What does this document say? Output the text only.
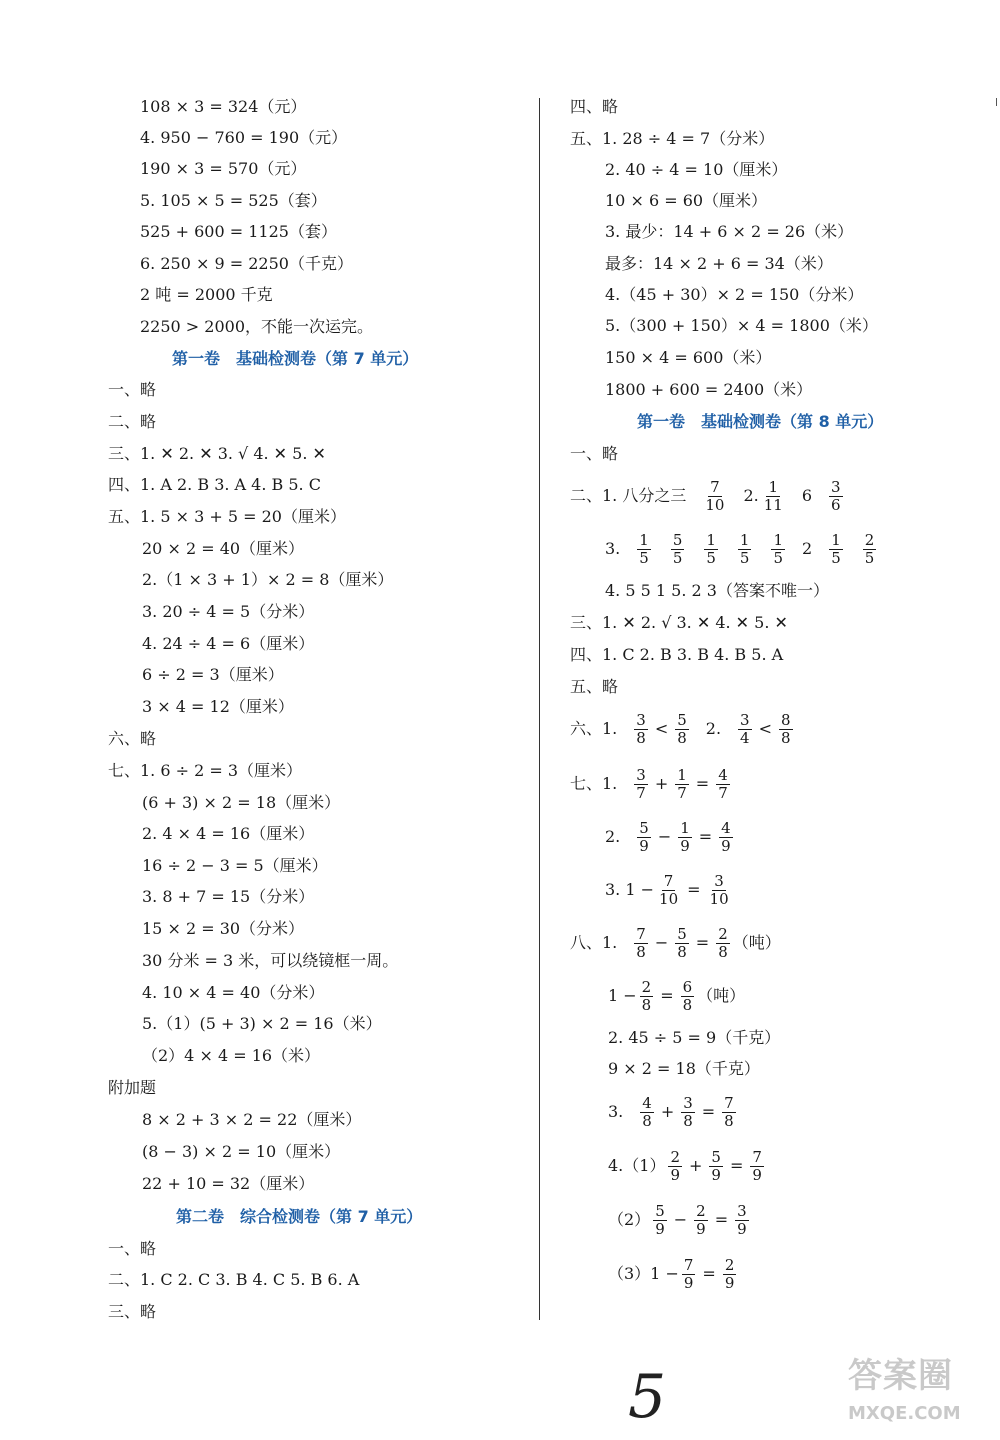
108 × 3 = 324（元）
4. 950 − 760 = 190（元）
190 × 3 = 570（元）
5. 105 × 5 = 525（套）
525 + 600 = 1125（套）
6. 250 × 9 = 2250（千克）
2 吨 = 2000 千克
2250 > 2000，不能一次运完。
第一卷　基础检测卷（第 7 单元）
一、略
二、略
三、1. ✕ 2. ✕ 3. √ 4. ✕ 5. ✕
四、1. A 2. B 3. A 4. B 5. C
五、1. 5 × 3 + 5 = 20（厘米）
20 × 2 = 40（厘米）
2.（1 × 3 + 1）× 2 = 8（厘米）
3. 20 ÷ 4 = 5（分米）
4. 24 ÷ 4 = 6（厘米）
6 ÷ 2 = 3（厘米）
3 × 4 = 12（厘米）
六、略
七、1. 6 ÷ 2 = 3（厘米）
(6 + 3) × 2 = 18（厘米）
2. 4 × 4 = 16（厘米）
16 ÷ 2 − 3 = 5（厘米）
3. 8 + 7 = 15（分米）
15 × 2 = 30（分米）
30 分米 = 3 米，可以绕镜框一周。
4. 10 × 4 = 40（分米）
5.（1）(5 + 3) × 2 = 16（米）
（2）4 × 4 = 16（米）
附加题
8 × 2 + 3 × 2 = 22（厘米）
(8 − 3) × 2 = 10（厘米）
22 + 10 = 32（厘米）
第二卷　综合检测卷（第 7 单元）
一、略
二、1. C 2. C 3. B 4. C 5. B 6. A
三、略
四、略
五、1. 28 ÷ 4 = 7（分米）
2. 40 ÷ 4 = 10（厘米）
10 × 6 = 60（厘米）
3. 最少：14 + 6 × 2 = 26（米）
最多：14 × 2 + 6 = 34（米）
4.（45 + 30）× 2 = 150（分米）
5.（300 + 150）× 4 = 1800（米）
150 × 4 = 600（米）
1800 + 600 = 2400（米）
第一卷　基础检测卷（第 8 单元）
一、略
二、1. 八分之三 7
10 2. 1
11 6 3
6
3. 1
5
5
5
1
5
1
5
1
5 2 1
5
2
5
4. 5 5 1 5. 2 3（答案不唯一）
三、1. ✕ 2. √ 3. ✕ 4. ✕ 5. ✕
四、1. C 2. B 3. B 4. B 5. A
五、略
六、1. 3
8 < 5
8 2. 3
4 < 8
8
七、1. 3
$7 + \frac{1}{7} = \frac{4}{7}$
2. 5
$9 - \frac{1}{9} = \frac{4}{9}$
3. $1 - \frac{7}{10} = \frac{3}{10}$
八、1. 7
$8 - \frac{5}{8} = \frac{2}{8}$ （吨）
$1 - \frac{2}{8} = \frac{6}{8}$ （吨）
2. 45 ÷ 5 = 9（千克）
9 × 2 = 18（千克）
3. 4
$8 + \frac{3}{8} = \frac{7}{8}$
4.（1） 2
$9 + \frac{5}{9} = \frac{7}{9}$
（2） 5
$9 - \frac{2}{9} = \frac{3}{9}$
$(3)1 - \frac{7}{9} = \frac{2}{9}$
5	答案圈
MXQE.COM
